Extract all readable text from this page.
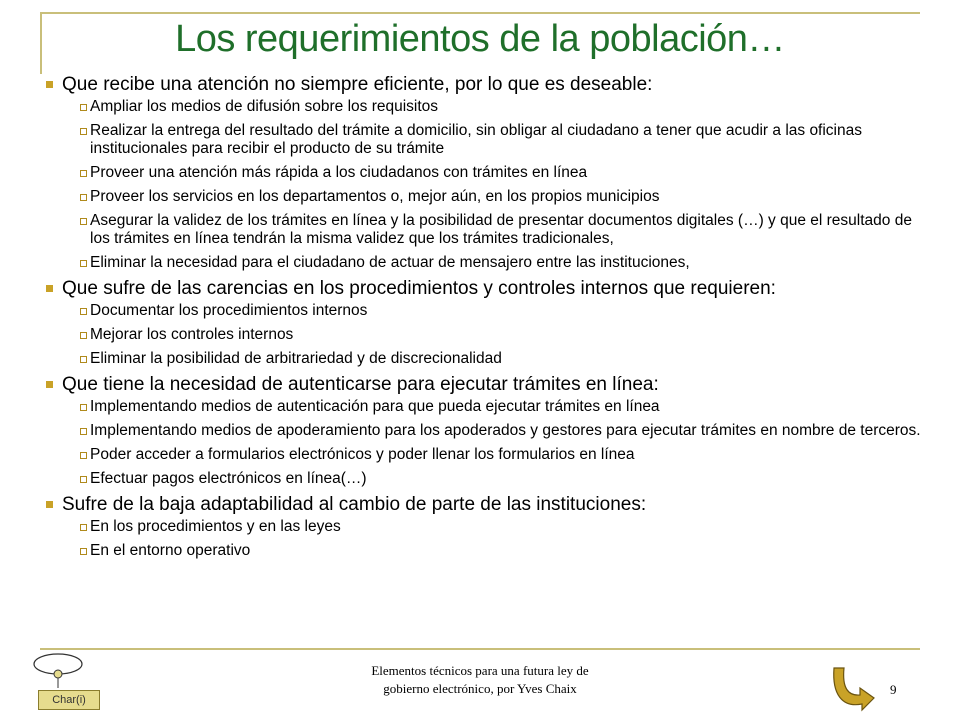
Los requerimientos de la población…
Que recibe una atención no siempre eficiente, por lo que es deseable:
Ampliar los medios de difusión sobre los requisitos
Realizar la entrega del resultado del trámite a domicilio, sin obligar al ciudadano a tener que acudir a las oficinas institucionales para recibir el producto de su trámite
Proveer una atención más rápida a los ciudadanos con trámites en línea
Proveer los servicios en los departamentos o, mejor aún, en los propios municipios
Asegurar la validez de los trámites en línea y la posibilidad de presentar documentos digitales (…) y que el resultado de los trámites en línea tendrán la misma validez que los trámites tradicionales,
Eliminar la necesidad para el ciudadano de actuar de mensajero entre las instituciones,
Que sufre de las carencias en los procedimientos y controles internos que requieren:
Documentar los procedimientos internos
Mejorar los controles internos
Eliminar la posibilidad de arbitrariedad y de discrecionalidad
Que tiene la necesidad de autenticarse para ejecutar trámites en línea:
Implementando medios de autenticación para que pueda ejecutar trámites en línea
Implementando medios de apoderamiento para los apoderados y gestores para ejecutar trámites en nombre de terceros.
Poder acceder a formularios electrónicos y poder llenar los formularios en línea
Efectuar pagos electrónicos en línea(…)
Sufre de la baja adaptabilidad al cambio de parte de las instituciones:
En los procedimientos y en las leyes
En el entorno operativo
Char(i)
Elementos técnicos para una futura ley de
gobierno electrónico, por Yves Chaix	9
